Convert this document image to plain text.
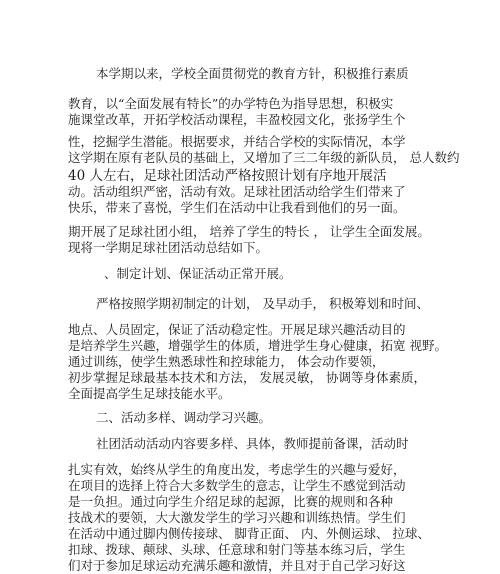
本学期以来，学校全面贯彻党的教育方针，积极推行素质
教育，以“全面发展有特长”的办学特色为指导思想，积极实
施课堂改革，开拓学校活动课程，丰盈校园文化，张扬学生个
性，挖掘学生潜能。根据要求，并结合学校的实际情况，本学
这学期在原有老队员的基础上，又增加了三二年级的新队员， 总人数约
40 人左右，足球社团活动严格按照计划有序地开展活
动。活动组织严密，活动有效。足球社团活动给学生们带来了
快乐，带来了喜悦，学生们在活动中让我看到他们的另一面。
期开展了足球社团小组， 培养了学生的特长 ， 让学生全面发展。
现将一学期足球社团活动总结如下。
、制定计划、保证活动正常开展。
严格按照学期初制定的计划， 及早动手， 积极筹划和时间、
地点、人员固定，保证了活动稳定性。开展足球兴趣活动目的
是培养学生兴趣，增强学生的体质，增进学生身心健康，拓宽 视野。
通过训练，使学生熟悉球性和控球能力， 体会动作要领，
初步掌握足球最基本技术和方法， 发展灵敏， 协调等身体素质，
全面提高学生足球技能水平。
二、活动多样、调动学习兴趣。
社团活动活动内容要多样、具体，教师提前备课，活动时
扎实有效，始终从学生的角度出发，考虑学生的兴趣与爱好，
在项目的选择上符合大多数学生的意志，让学生不感觉到活动
是一负担。通过向学生介绍足球的起源，比赛的规则和各种
技战术的要领，大大激发学生的学习兴趣和训练热情。学生们
在活动中通过脚内侧传接球、 脚背正面、 内、外侧运球、 拉球、
扣球、拨球、颠球、头球、任意球和射门等基本练习后，学生
们对于参加足球运动充满乐趣和激情，并且对于自己学习好这
